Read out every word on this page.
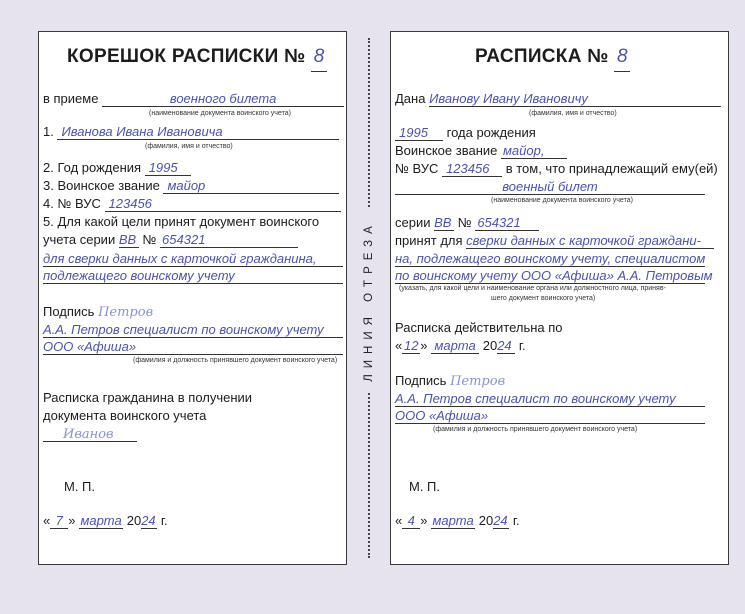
КОРЕШОК РАСПИСКИ № 8
в приеме	военного билета
(наименование документа воинского учета)
1. Иванова Ивана Ивановича
(фамилия, имя и отчество)
2. Год рождения 1995
3. Воинское звание майор
4. № ВУС 123456
5. Для какой цели принят документ воинского
учета серии ВВ № 654321
для сверки данных с карточкой гражданина,
подлежащего воинскому учету
Подпись Петров
А.А. Петров специалист по воинскому учету
ООО «Афиша»
(фамилия и должность принявшего документ воинского учета)
Расписка гражданина в получении
документа воинского учета
Иванов
М. П.
« 7 » марта 2024 г.
ЛИНИЯ ОТРЕЗА
РАСПИСКА № 8
Дана Иванову Ивану Ивановичу
(фамилия, имя и отчество)
1995 года рождения
Воинское звание майор,
№ ВУС 123456 в том, что принадлежащий ему(ей)
военный билет
(наименование документа воинского учета)
серии ВВ № 654321
принят для сверки данных с карточкой граждани-
на, подлежащего воинскому учету, специалистом
по воинскому учету ООО «Афиша» А.А. Петровым
(указать, для какой цели и наименование органа или должностного лица, приняв-
шего документ воинского учета)
Расписка действительна по
« 12 » марта 2024 г.
Подпись Петров
А.А. Петров специалист по воинскому учету
ООО «Афиша»
(фамилия и должность принявшего документ воинского учета)
М. П.
« 4 » марта 2024 г.
